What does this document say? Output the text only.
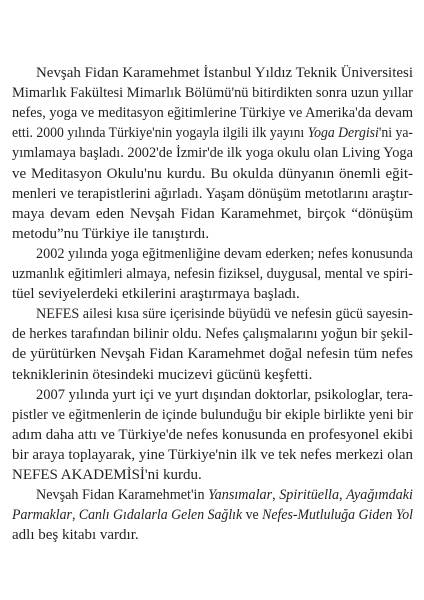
Nevşah Fidan Karamehmet İstanbul Yıldız Teknik Üniversitesi
Mimarlık Fakültesi Mimarlık Bölümü'nü bitirdikten sonra uzun yıllar
nefes, yoga ve meditasyon eğitimlerine Türkiye ve Amerika'da devam
etti. 2000 yılında Türkiye'nin yogayla ilgili ilk yayını Yoga Dergisi'ni ya-
yımlamaya başladı. 2002'de İzmir'de ilk yoga okulu olan Living Yoga
ve Meditasyon Okulu'nu kurdu. Bu okulda dünyanın önemli eğit-
menleri ve terapistlerini ağırladı. Yaşam dönüşüm metotlarını araştır-
maya devam eden Nevşah Fidan Karamehmet, birçok “dönüşüm
metodu”nu Türkiye ile tanıştırdı.
2002 yılında yoga eğitmenliğine devam ederken; nefes konusunda
uzmanlık eğitimleri almaya, nefesin fiziksel, duygusal, mental ve spiri-
tüel seviyelerdeki etkilerini araştırmaya başladı.
NEFES ailesi kısa süre içerisinde büyüdü ve nefesin gücü sayesin-
de herkes tarafından bilinir oldu. Nefes çalışmalarını yoğun bir şekil-
de yürütürken Nevşah Fidan Karamehmet doğal nefesin tüm nefes
tekniklerinin ötesindeki mucizevi gücünü keşfetti.
2007 yılında yurt içi ve yurt dışından doktorlar, psikologlar, tera-
pistler ve eğitmenlerin de içinde bulunduğu bir ekiple birlikte yeni bir
adım daha attı ve Türkiye'de nefes konusunda en profesyonel ekibi
bir araya toplayarak, yine Türkiye'nin ilk ve tek nefes merkezi olan
NEFES AKADEMİSİ'ni kurdu.
Nevşah Fidan Karamehmet'in Yansımalar, Spiritüella, Ayağımdaki
Parmaklar, Canlı Gıdalarla Gelen Sağlık ve Nefes-Mutluluğa Giden Yol
adlı beş kitabı vardır.
